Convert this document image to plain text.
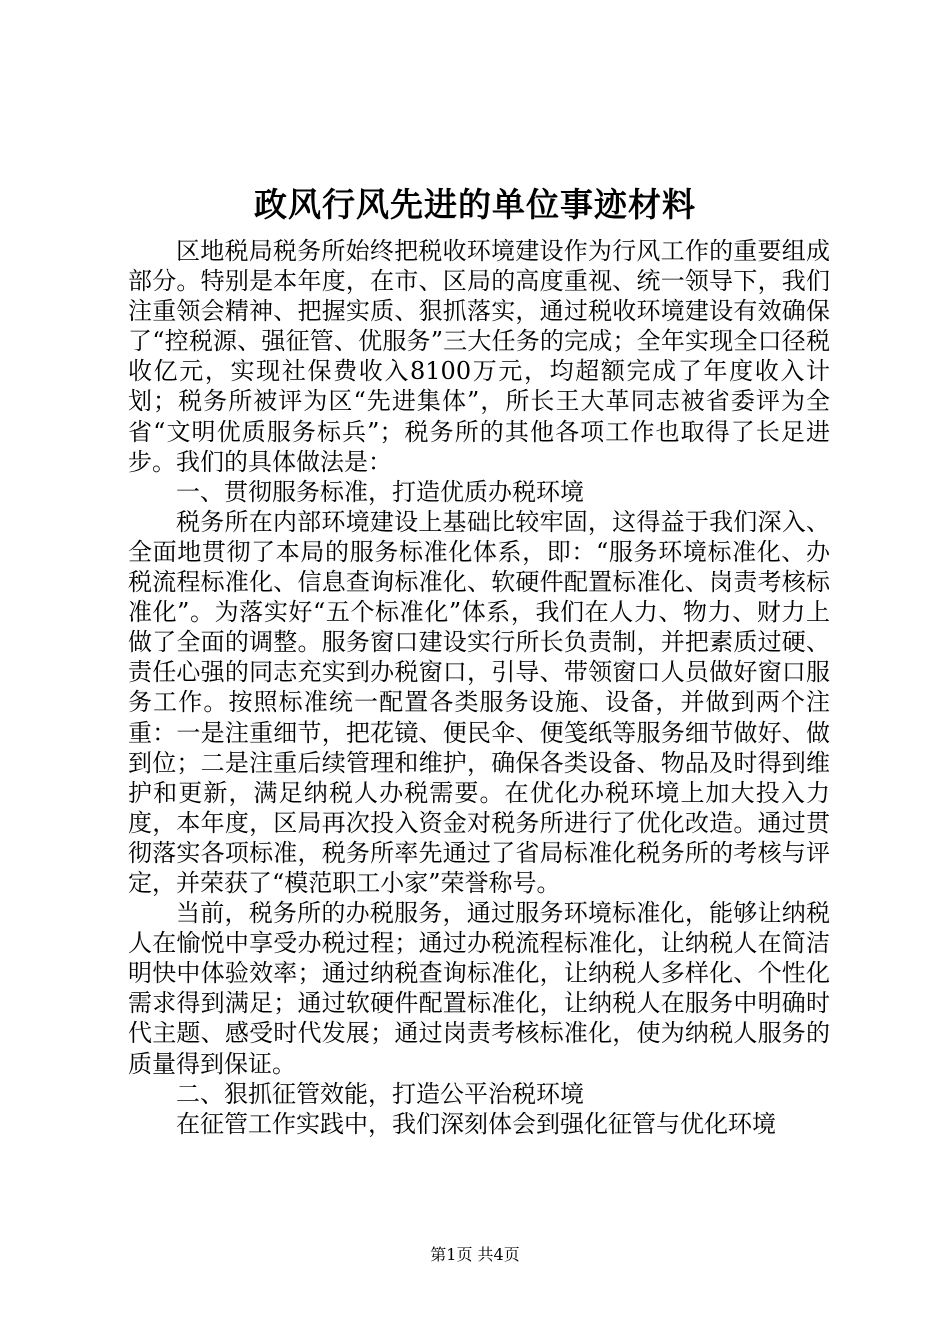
政风行风先进的单位事迹材料

区地税局税务所始终把税收环境建设作为行风工作的重要组成部分。特别是本年度，在市、区局的高度重视、统一领导下，我们注重领会精神、把握实质、狠抓落实，通过税收环境建设有效确保了“控税源、强征管、优服务”三大任务的完成；全年实现全口径税收亿元，实现社保费收入8100万元，均超额完成了年度收入计划；税务所被评为区“先进集体”，所长王大革同志被省委评为全省“文明优质服务标兵”；税务所的其他各项工作也取得了长足进步。我们的具体做法是：

一、贯彻服务标准，打造优质办税环境

税务所在内部环境建设上基础比较牢固，这得益于我们深入、全面地贯彻了本局的服务标准化体系，即：“服务环境标准化、办税流程标准化、信息查询标准化、软硬件配置标准化、岗责考核标准化”。为落实好“五个标准化”体系，我们在人力、物力、财力上做了全面的调整。服务窗口建设实行所长负责制，并把素质过硬、责任心强的同志充实到办税窗口，引导、带领窗口人员做好窗口服务工作。按照标准统一配置各类服务设施、设备，并做到两个注重：一是注重细节，把花镜、便民伞、便笺纸等服务细节做好、做到位；二是注重后续管理和维护，确保各类设备、物品及时得到维护和更新，满足纳税人办税需要。在优化办税环境上加大投入力度，本年度，区局再次投入资金对税务所进行了优化改造。通过贯彻落实各项标准，税务所率先通过了省局标准化税务所的考核与评定，并荣获了“模范职工小家”荣誉称号。

当前，税务所的办税服务，通过服务环境标准化，能够让纳税人在愉悦中享受办税过程；通过办税流程标准化，让纳税人在简洁明快中体验效率；通过纳税查询标准化，让纳税人多样化、个性化需求得到满足；通过软硬件配置标准化，让纳税人在服务中明确时代主题、感受时代发展；通过岗责考核标准化，使为纳税人服务的质量得到保证。

二、狠抓征管效能，打造公平治税环境

在征管工作实践中，我们深刻体会到强化征管与优化环境

第1页 共4页
